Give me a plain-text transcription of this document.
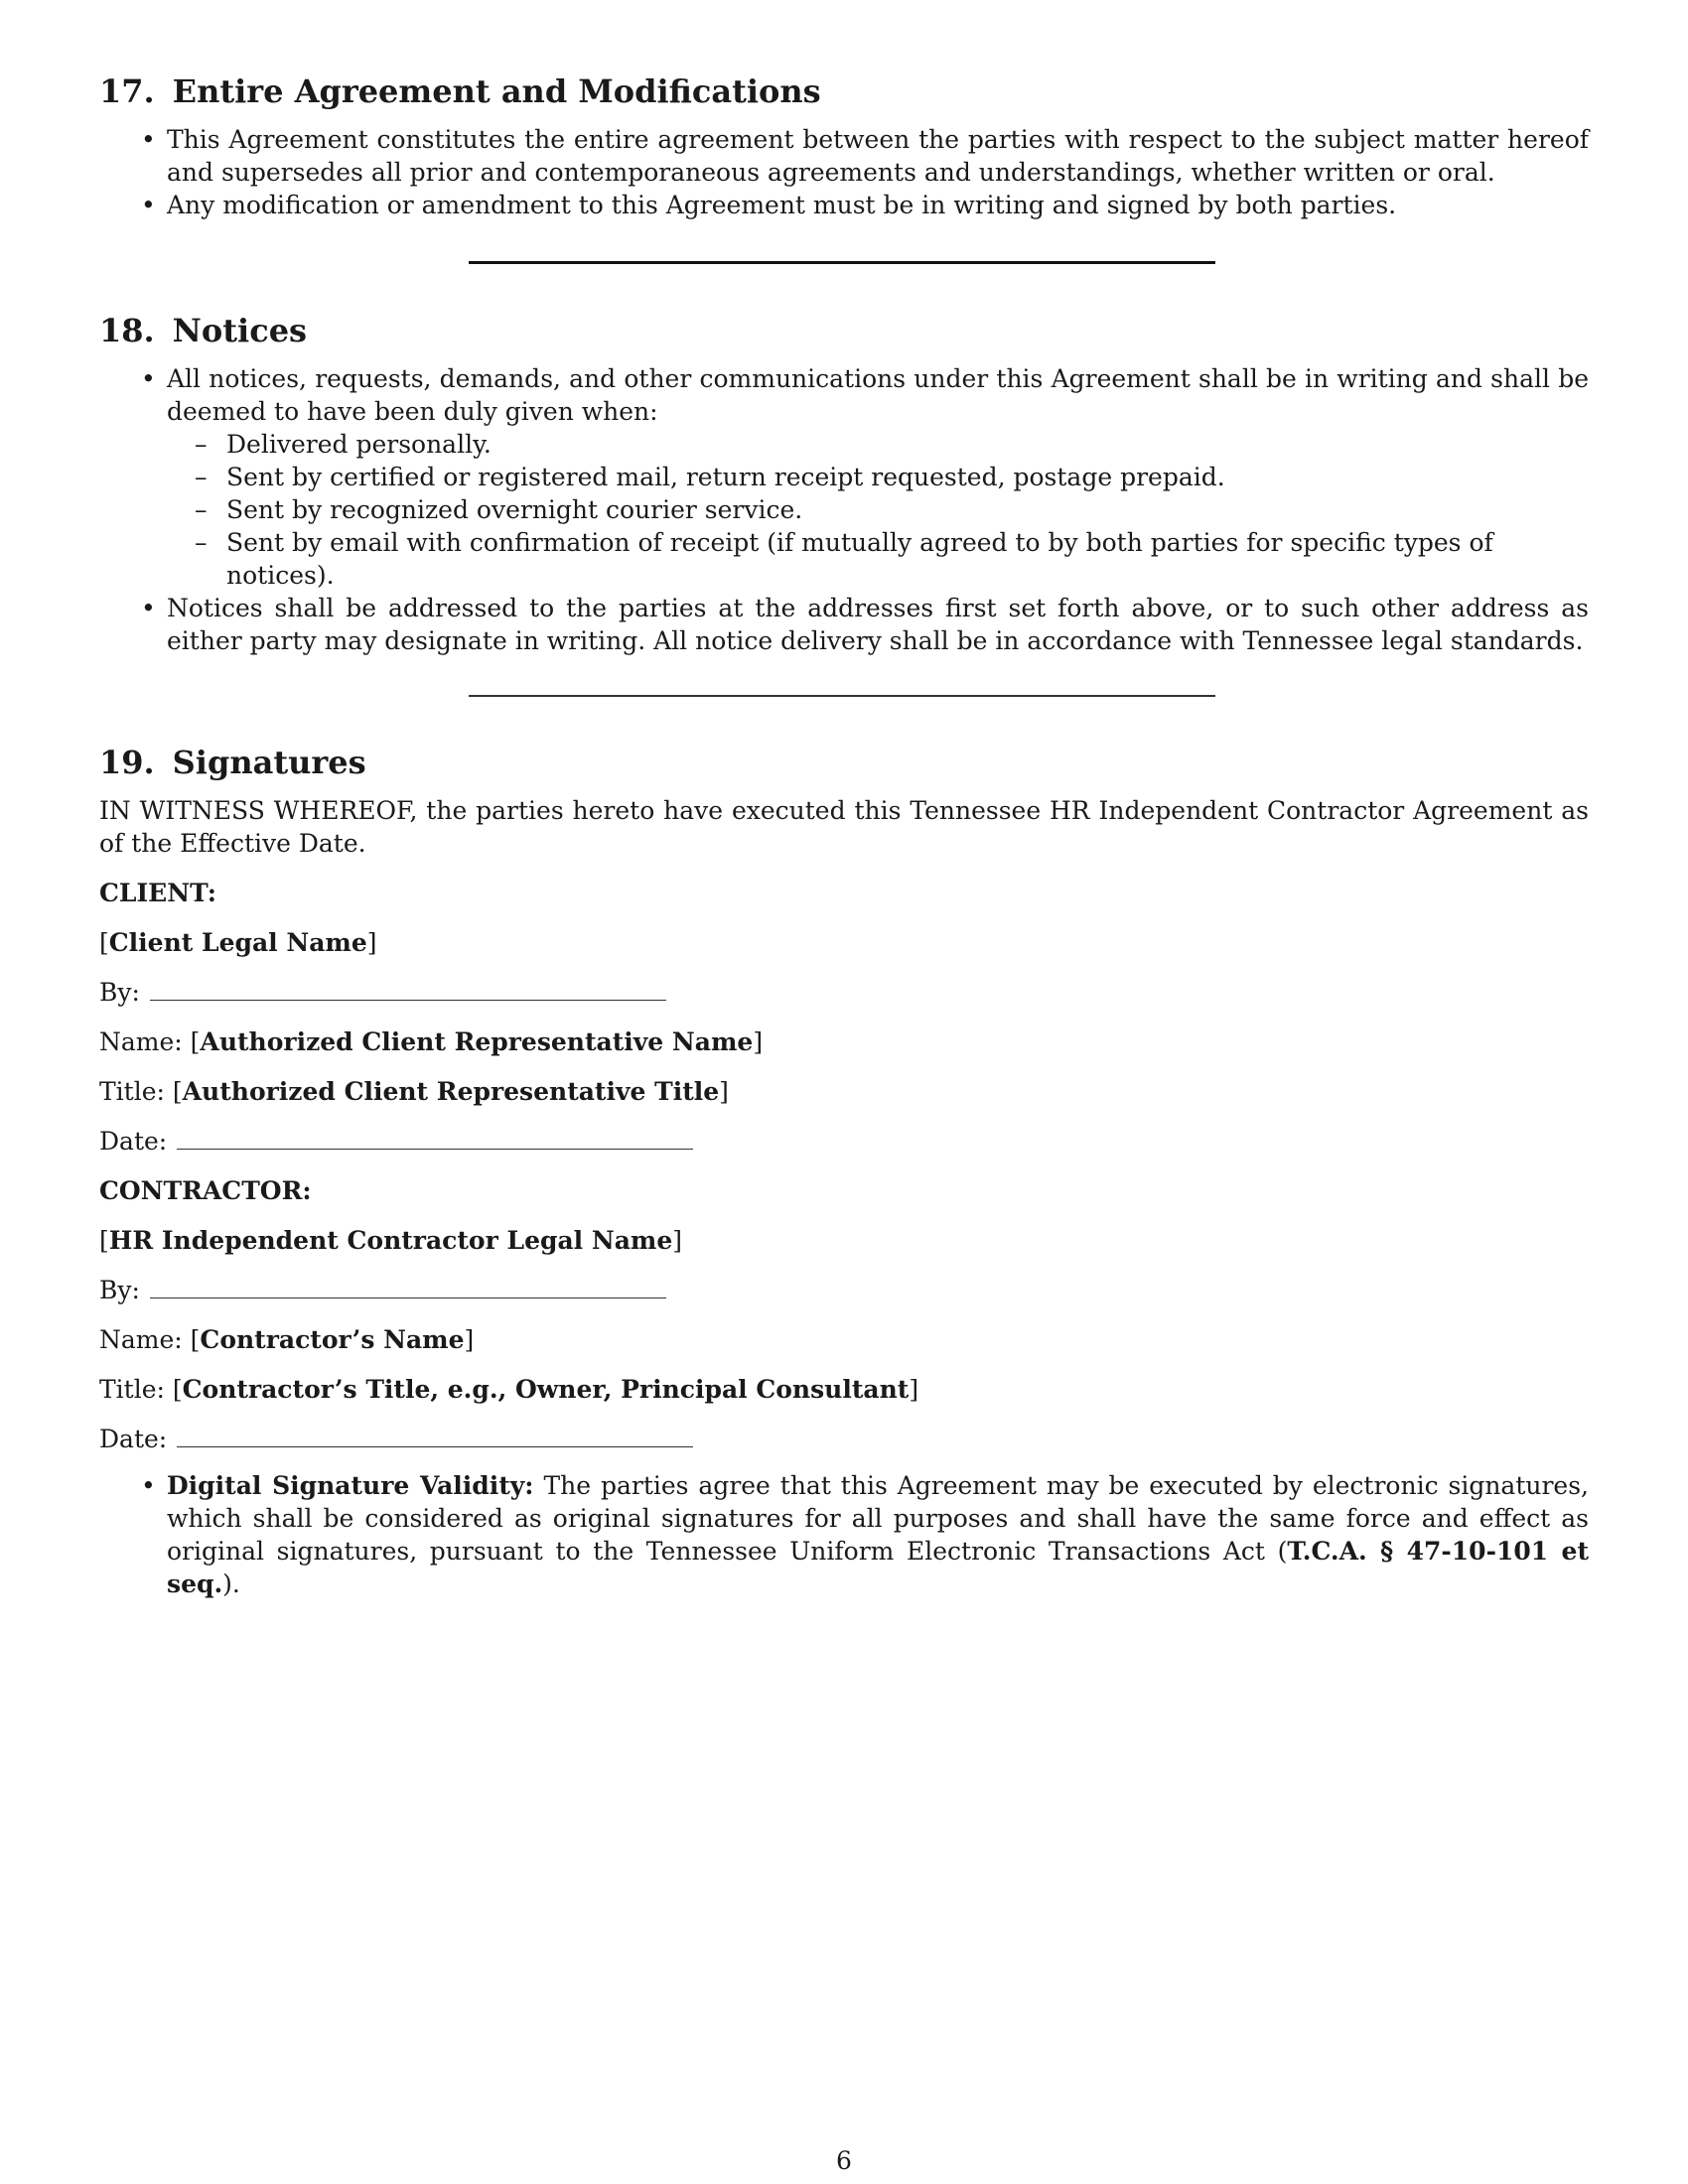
17. Entire Agreement and Modifications
• This Agreement constitutes the entire agreement between the parties with respect to the subject matter hereof and supersedes all prior and contemporaneous agreements and understandings, whether written or oral.
• Any modification or amendment to this Agreement must be in writing and signed by both parties.
18. Notices
• All notices, requests, demands, and other communications under this Agreement shall be in writing and shall be deemed to have been duly given when:
– Delivered personally.
– Sent by certified or registered mail, return receipt requested, postage prepaid.
– Sent by recognized overnight courier service.
– Sent by email with confirmation of receipt (if mutually agreed to by both parties for specific types of notices).
• Notices shall be addressed to the parties at the addresses first set forth above, or to such other address as either party may designate in writing. All notice delivery shall be in accordance with Tennessee legal standards.
19. Signatures

IN WITNESS WHEREOF, the parties hereto have executed this Tennessee HR Independent Contractor Agreement as of the Effective Date.

CLIENT:
[Client Legal Name]
By:
Name: [Authorized Client Representative Name]
Title: [Authorized Client Representative Title]
Date:
CONTRACTOR:
[HR Independent Contractor Legal Name]
By:
Name: [Contractor’s Name]
Title: [Contractor’s Title, e.g., Owner, Principal Consultant]
Date:
• Digital Signature Validity: The parties agree that this Agreement may be executed by electronic signatures, which shall be considered as original signatures for all purposes and shall have the same force and effect as original signatures, pursuant to the Tennessee Uniform Electronic Transactions Act (T.C.A. § 47-10-101 et seq.).
6
